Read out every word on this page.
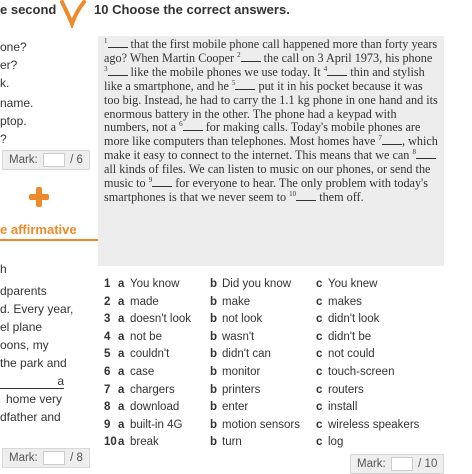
e second	10 Choose the correct answers.
one?
er?
k.
name.
ptop.
?
Mark:	/ 6
e affirmative
h
dparents
d. Every year,
el plane
oons, my
the park and
a
home very
dfather and
Mark:	/ 8

$^1$ that the first mobile phone call happened more than forty years ago? When Martin Cooper $^2$ the call on 3 April 1973, his phone $^3$ like the mobile phones we use today. It $^4$ thin and stylish like a smartphone, and he $^5$ put it in his pocket because it was too big. Instead, he had to carry the 1.1 kg phone in one hand and its enormous battery in the other. The phone had a keypad with numbers, not a $^6$ for making calls. Today's mobile phones are more like computers than telephones. Most homes have $^7$ , which make it easy to connect to the internet. This means that we can $^8$ all kinds of files. We can listen to music on our phones, or send the music to $^9$ for everyone to hear. The only problem with today's smartphones is that we never seem to $^{10}$ them off.

1 a You know	b Did you know c You knew
2 a made	b make	c makes
3 a doesn't look b not look	c didn't look
4 a not be	b wasn't	c didn't be
5 a couldn't	b didn't can	c not could
6 a case	b monitor	c touch-screen
7 a chargers	b printers	c routers
8 a download	b enter	c install
9 a built-in 4G b motion sensors c wireless speakers
10 a break	b turn	c log
Mark:	/ 10
